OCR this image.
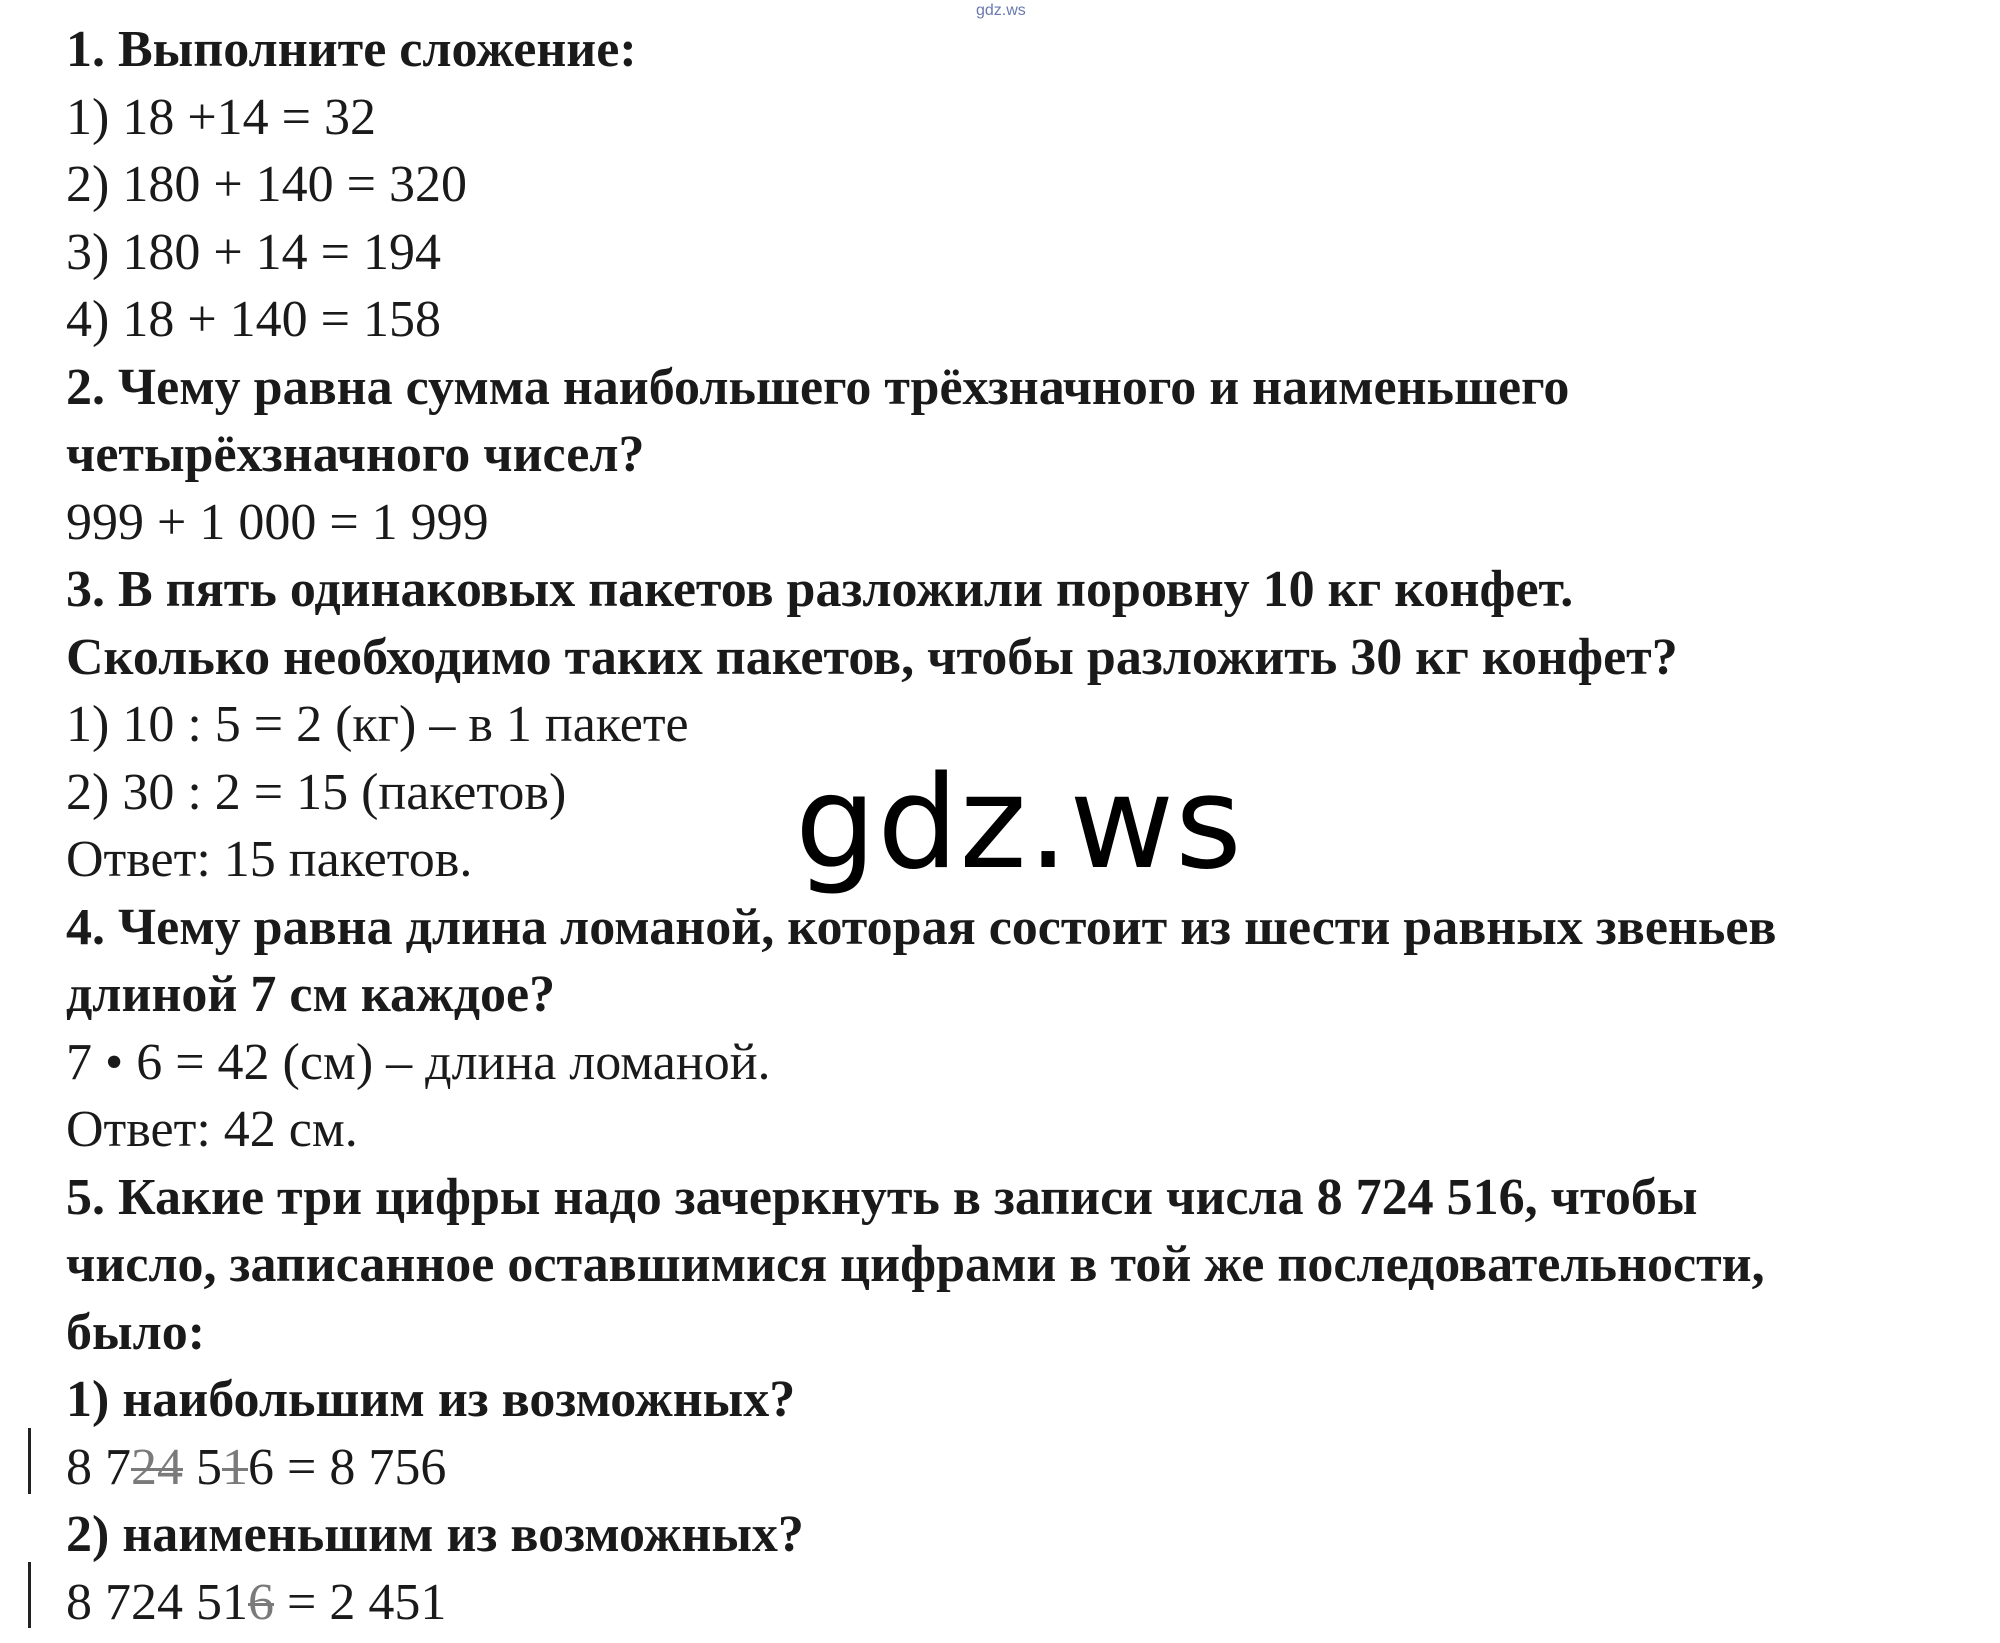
gdz.ws
1. Выполните сложение:
1) 18 +14 = 32
2) 180 + 140 = 320
3) 180 + 14 = 194
4) 18 + 140 = 158
2. Чему равна сумма наибольшего трёхзначного и наименьшего
четырёхзначного чисел?
999 + 1 000 = 1 999
3. В пять одинаковых пакетов разложили поровну 10 кг конфет.
Сколько необходимо таких пакетов, чтобы разложить 30 кг конфет?
1) 10 : 5 = 2 (кг) – в 1 пакете
2) 30 : 2 = 15 (пакетов)
Ответ: 15 пакетов.
4. Чему равна длина ломаной, которая состоит из шести равных звеньев
длиной 7 см каждое?
7 • 6 = 42 (см) – длина ломаной.
Ответ: 42 см.
5. Какие три цифры надо зачеркнуть в записи числа 8 724 516, чтобы
число, записанное оставшимися цифрами в той же последовательности,
было:
1) наибольшим из возможных?
8 724 516 = 8 756
2) наименьшим из возможных?
8 724 516 = 2 451
gdz.ws
